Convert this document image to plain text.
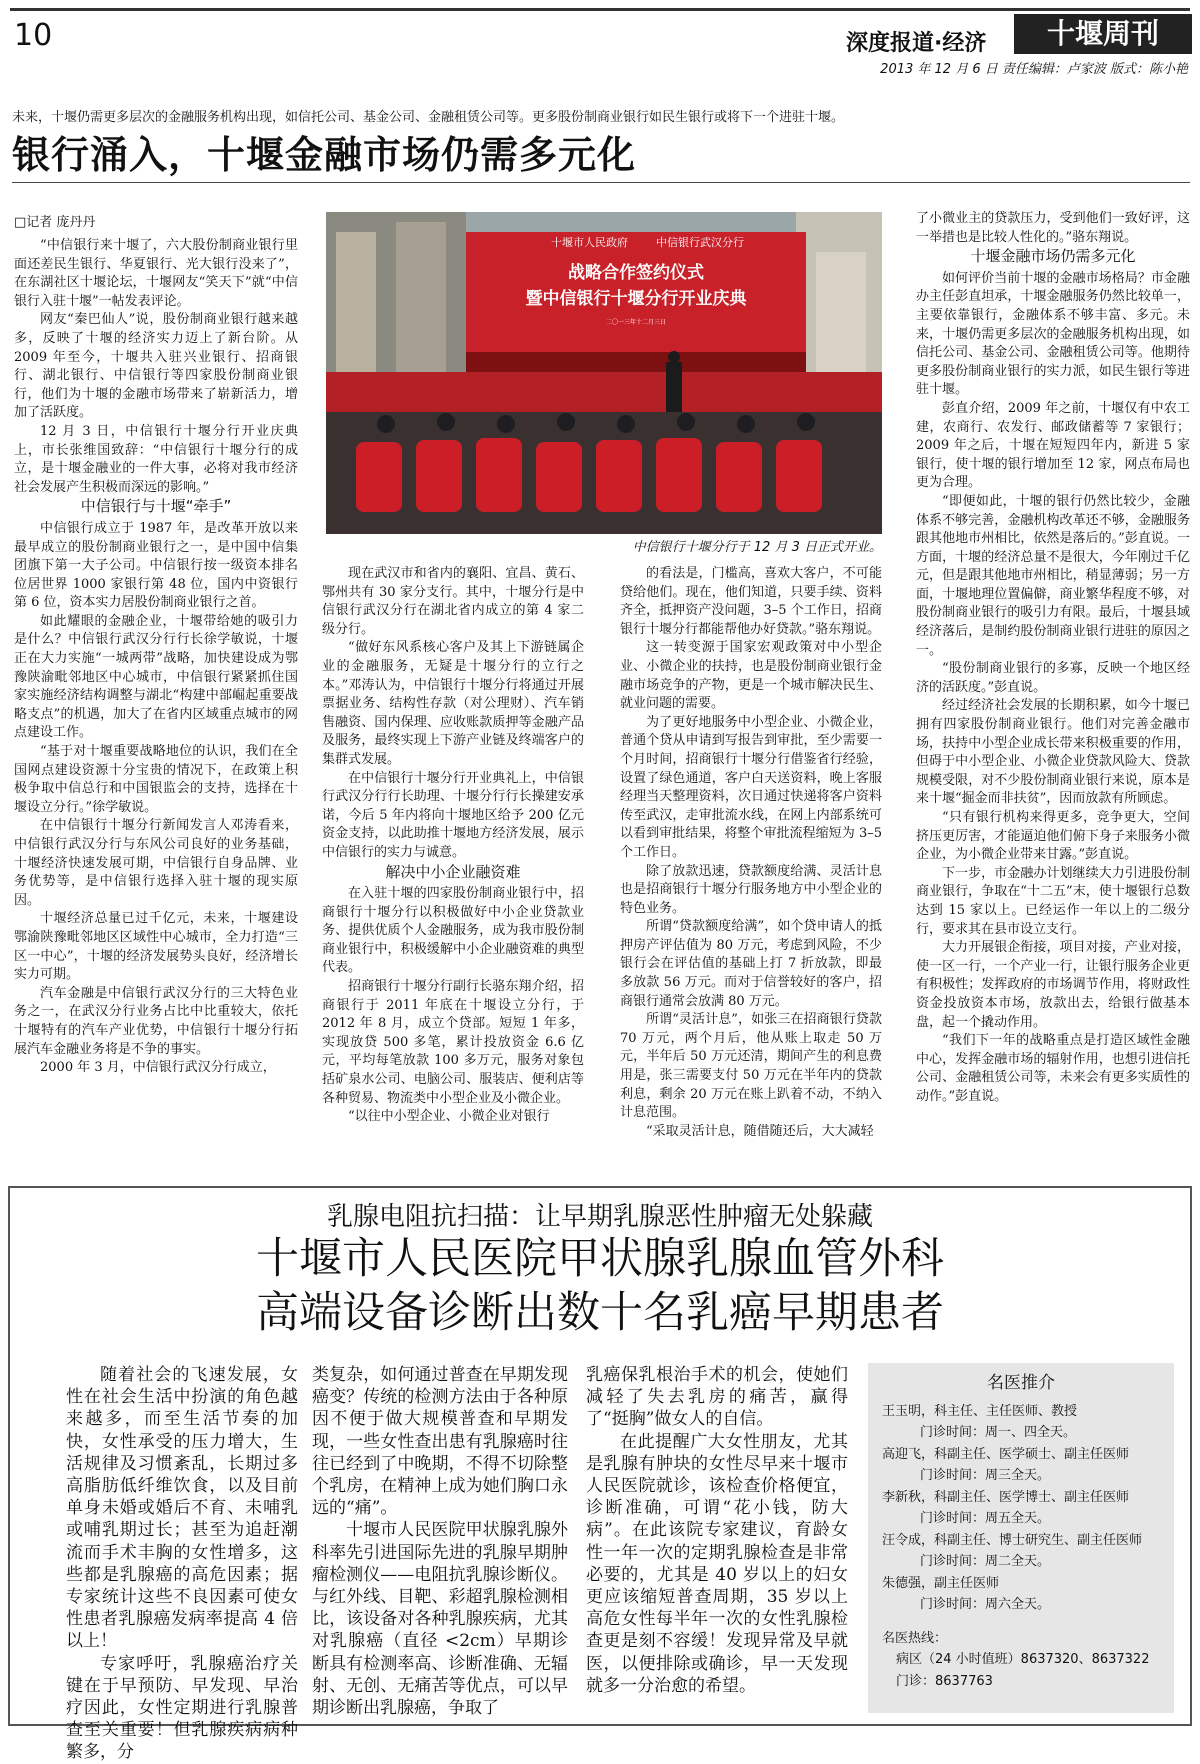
10	深度报道·经济	十堰周刊
2013 年 12 月 6 日 责任编辑：卢家波 版式：陈小艳
未来，十堰仍需更多层次的金融服务机构出现，如信托公司、基金公司、金融租赁公司等。更多股份制商业银行如民生银行或将下一个进驻十堰。
银行涌入，十堰金融市场仍需多元化
□记者 庞丹丹

“中信银行来十堰了，六大股份制商业银行里面还差民生银行、华夏银行、光大银行没来了”，在东湖社区十堰论坛，十堰网友“笑天下”就“中信银行入驻十堰”一帖发表评论。

网友“秦巴仙人”说，股份制商业银行越来越多，反映了十堰的经济实力迈上了新台阶。从 2009 年至今，十堰共入驻兴业银行、招商银行、湖北银行、中信银行等四家股份制商业银行，他们为十堰的金融市场带来了崭新活力，增加了活跃度。

12 月 3 日，中信银行十堰分行开业庆典上，市长张维国致辞：“中信银行十堰分行的成立，是十堰金融业的一件大事，必将对我市经济社会发展产生积极而深远的影响。”

中信银行与十堰“牵手”

中信银行成立于 1987 年，是改革开放以来最早成立的股份制商业银行之一，是中国中信集团旗下第一大子公司。中信银行按一级资本排名位居世界 1000 家银行第 48 位，国内中资银行第 6 位，资本实力居股份制商业银行之首。

如此耀眼的金融企业，十堰带给她的吸引力是什么？中信银行武汉分行行长徐学敏说，十堰正在大力实施“一城两带”战略，加快建设成为鄂豫陕渝毗邻地区中心城市，中信银行紧紧抓住国家实施经济结构调整与湖北“构建中部崛起重要战略支点”的机遇，加大了在省内区域重点城市的网点建设工作。

“基于对十堰重要战略地位的认识，我们在全国网点建设资源十分宝贵的情况下，在政策上积极争取中信总行和中国银监会的支持，选择在十堰设立分行。”徐学敏说。

在中信银行十堰分行新闻发言人邓涛看来，中信银行武汉分行与东风公司良好的业务基础，十堰经济快速发展可期，中信银行自身品牌、业务优势等，是中信银行选择入驻十堰的现实原因。

十堰经济总量已过千亿元，未来，十堰建设鄂渝陕豫毗邻地区区域性中心城市，全力打造“三区一中心”，十堰的经济发展势头良好，经济增长实力可期。

汽车金融是中信银行武汉分行的三大特色业务之一，在武汉分行业务占比中比重较大，依托十堰特有的汽车产业优势，中信银行十堰分行拓展汽车金融业务将是不争的事实。

2000 年 3 月，中信银行武汉分行成立，

十堰市人民政府	中信银行武汉分行
战略合作签约仪式
暨中信银行十堰分行开业庆典
二〇一三年十二月三日
中信银行十堰分行于 12 月 3 日正式开业。

现在武汉市和省内的襄阳、宜昌、黄石、鄂州共有 30 家分支行。其中，十堰分行是中信银行武汉分行在湖北省内成立的第 4 家二级分行。

“做好东风系核心客户及其上下游链属企业的金融服务，无疑是十堰分行的立行之本。”邓涛认为，中信银行十堰分行将通过开展票据业务、结构性存款（对公理财）、汽车销售融资、国内保理、应收账款质押等金融产品及服务，最终实现上下游产业链及终端客户的集群式发展。

在中信银行十堰分行开业典礼上，中信银行武汉分行行长助理、十堰分行行长操建安承诺，今后 5 年内将向十堰地区给予 200 亿元资金支持，以此助推十堰地方经济发展，展示中信银行的实力与诚意。

解决中小企业融资难

在入驻十堰的四家股份制商业银行中，招商银行十堰分行以积极做好中小企业贷款业务、提供优质个人金融服务，成为我市股份制商业银行中，积极缓解中小企业融资难的典型代表。

招商银行十堰分行副行长骆东翔介绍，招商银行于 2011 年底在十堰设立分行，于 2012 年 8 月，成立个贷部。短短 1 年多，实现放贷 500 多笔，累计投放资金 6.6 亿元，平均每笔放款 100 多万元，服务对象包括矿泉水公司、电脑公司、服装店、便利店等各种贸易、物流类中小型企业及小微企业。

“以往中小型企业、小微企业对银行

的看法是，门槛高，喜欢大客户，不可能贷给他们。现在，他们知道，只要手续、资料齐全，抵押资产没问题，3–5 个工作日，招商银行十堰分行都能帮他办好贷款。”骆东翔说。

这一转变源于国家宏观政策对中小型企业、小微企业的扶持，也是股份制商业银行金融市场竞争的产物，更是一个城市解决民生、就业问题的需要。

为了更好地服务中小型企业、小微企业，普通个贷从申请到写报告到审批，至少需要一个月时间，招商银行十堰分行借鉴省行经验，设置了绿色通道，客户白天送资料，晚上客服经理当天整理资料，次日通过快递将客户资料传至武汉，走审批流水线，在网上内部系统可以看到审批结果，将整个审批流程缩短为 3–5 个工作日。

除了放款迅速，贷款额度给满、灵活计息也是招商银行十堰分行服务地方中小型企业的特色业务。

所谓“贷款额度给满”，如个贷申请人的抵押房产评估值为 80 万元，考虑到风险，不少银行会在评估值的基础上打 7 折放款，即最多放款 56 万元。而对于信誉较好的客户，招商银行通常会放满 80 万元。

所谓“灵活计息”，如张三在招商银行贷款 70 万元，两个月后，他从账上取走 50 万元，半年后 50 万元还清，期间产生的利息费用是，张三需要支付 50 万元在半年内的贷款利息，剩余 20 万元在账上趴着不动，不纳入计息范围。

“采取灵活计息，随借随还后，大大减轻

了小微业主的贷款压力，受到他们一致好评，这一举措也是比较人性化的。”骆东翔说。

十堰金融市场仍需多元化

如何评价当前十堰的金融市场格局？市金融办主任彭直坦承，十堰金融服务仍然比较单一，主要依靠银行，金融体系不够丰富、多元。未来，十堰仍需更多层次的金融服务机构出现，如信托公司、基金公司、金融租赁公司等。他期待更多股份制商业银行的实力派，如民生银行等进驻十堰。

彭直介绍，2009 年之前，十堰仅有中农工建，农商行、农发行、邮政储蓄等 7 家银行；2009 年之后，十堰在短短四年内，新进 5 家银行，使十堰的银行增加至 12 家，网点布局也更为合理。

“即便如此，十堰的银行仍然比较少，金融体系不够完善，金融机构改革还不够，金融服务跟其他地市州相比，依然是落后的。”彭直说。一方面，十堰的经济总量不是很大，今年刚过千亿元，但是跟其他地市州相比，稍显薄弱；另一方面，十堰地理位置偏僻，商业繁华程度不够，对股份制商业银行的吸引力有限。最后，十堰县域经济落后，是制约股份制商业银行进驻的原因之一。

“股份制商业银行的多寡，反映一个地区经济的活跃度。”彭直说。

经过经济社会发展的长期积累，如今十堰已拥有四家股份制商业银行。他们对完善金融市场，扶持中小型企业成长带来积极重要的作用，但碍于中小型企业、小微企业贷款风险大、贷款规模受限，对不少股份制商业银行来说，原本是来十堰“掘金而非扶贫”，因而放款有所顾虑。

“只有银行机构来得更多，竞争更大，空间挤压更厉害，才能逼迫他们俯下身子来服务小微企业，为小微企业带来甘露。”彭直说。

下一步，市金融办计划继续大力引进股份制商业银行，争取在“十二五”末，使十堰银行总数达到 15 家以上。已经运作一年以上的二级分行，要求其在县市设立支行。

大力开展银企衔接，项目对接，产业对接，使一区一行，一个产业一行，让银行服务企业更有积极性；发挥政府的市场调节作用，将财政性资金投放资本市场，放款出去，给银行做基本盘，起一个撬动作用。

“我们下一年的战略重点是打造区域性金融中心，发挥金融市场的辐射作用，也想引进信托公司、金融租赁公司等，未来会有更多实质性的动作。”彭直说。

乳腺电阻抗扫描：让早期乳腺恶性肿瘤无处躲藏
十堰市人民医院甲状腺乳腺血管外科
高端设备诊断出数十名乳癌早期患者

随着社会的飞速发展，女性在社会生活中扮演的角色越来越多，而至生活节奏的加快，女性承受的压力增大，生活规律及习惯紊乱，长期过多高脂肪低纤维饮食，以及目前单身未婚或婚后不育、未哺乳或哺乳期过长；甚至为追赶潮流而手术丰胸的女性增多，这些都是乳腺癌的高危因素；据专家统计这些不良因素可使女性患者乳腺癌发病率提高 4 倍以上！

专家呼吁，乳腺癌治疗关键在于早预防、早发现、早治疗因此，女性定期进行乳腺普查至关重要！但乳腺疾病病种繁多，分

类复杂，如何通过普查在早期发现癌变？传统的检测方法由于各种原因不便于做大规模普查和早期发现，一些女性查出患有乳腺癌时往往已经到了中晚期，不得不切除整个乳房，在精神上成为她们胸口永远的“痛”。

十堰市人民医院甲状腺乳腺外科率先引进国际先进的乳腺早期肿瘤检测仪——电阻抗乳腺诊断仪。与红外线、目靶、彩超乳腺检测相比，该设备对各种乳腺疾病，尤其对乳腺癌（直径 <2cm）早期诊断具有检测率高、诊断准确、无辐射、无创、无痛苦等优点，可以早期诊断出乳腺癌，争取了

乳癌保乳根治手术的机会，使她们减轻了失去乳房的痛苦，赢得了“挺胸”做女人的自信。

在此提醒广大女性朋友，尤其是乳腺有肿块的女性尽早来十堰市人民医院就诊，该检查价格便宜，诊断准确，可谓“花小钱，防大病”。在此该院专家建议，育龄女性一年一次的定期乳腺检查是非常必要的，尤其是 40 岁以上的妇女更应该缩短普查周期，35 岁以上高危女性每半年一次的女性乳腺检查更是刻不容缓！发现异常及早就医，以便排除或确诊，早一天发现就多一分治愈的希望。

名医推介
王玉明，科主任、主任医师、教授
门诊时间：周一、四全天。
高迎飞，科副主任、医学硕士、副主任医师
门诊时间：周三全天。
李新秋，科副主任、医学博士、副主任医师
门诊时间：周五全天。
汪令成，科副主任、博士研究生、副主任医师
门诊时间：周二全天。
朱德强，副主任医师
门诊时间：周六全天。
名医热线：
病区（24 小时值班）8637320、8637322
门诊：8637763
